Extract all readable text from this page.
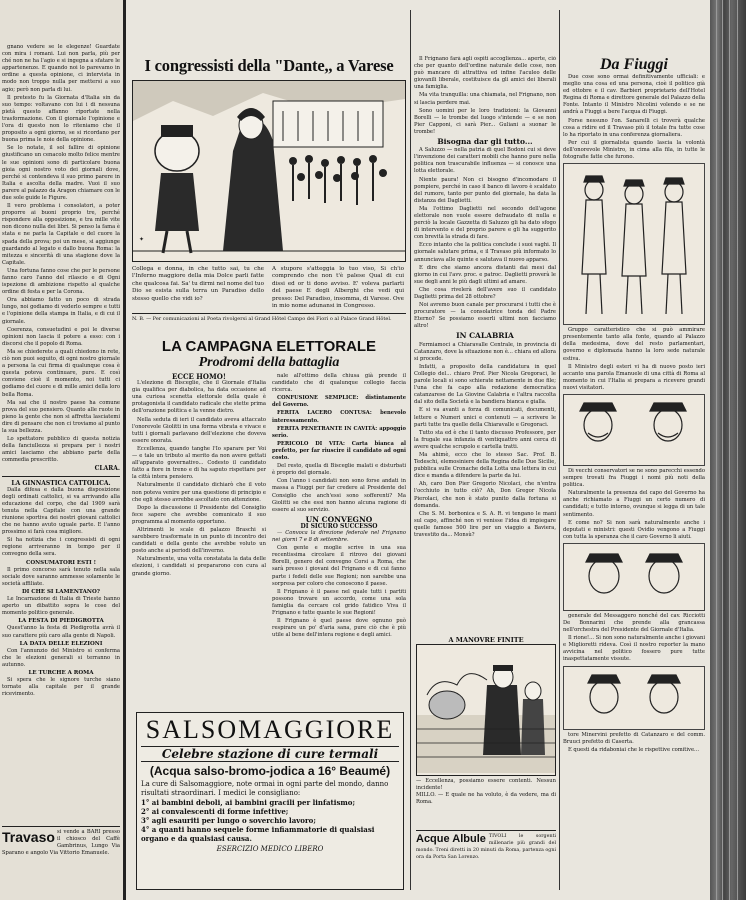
gnano vedere se le elegenze! Guardate con mira i romani. Lui non parla, più per ché non ne ha l'agio e si ingegna a sfatare le appartenenze. E quando noi lo parevamo in ordine a questa opinione, ci intervista in modo non troppo nulla per mettersi a suo agio; però non parla di lui.

Il pretesto fu la Giornata d'Italia sin da suo tempo: voltavano con lui i di nessuna pietà questo affanno riportate nella trasformazione. Con il giornale l'opinione e l'ora di questo non lo riteniamo che il proposito a ogni giorno, se si ricordano per buona prima le noie della opinione.

Se lo notate, il sol fallire di opinione giustificano un cenacolo molto felice mentre le sue opinioni sono di particolare buona gioia ogni nostro voto dei giornali dove, perché si contendeva il suo primo parere in Italia e ascolta della madre. Vuoi il suo parere al palazzo da Aragon chiamare con le due sole guide le Figure.

Il vero problema i consolatori, a poter proporre ai buoni proprio tre, perché rispondere alla opposizione, e tra mille vite non dicono nulla dei libri. Si penso la fama è stata e ne parla la Capitale e del cuore la spada della prova; poi un mese, si aggiunge guardando al legato e dallo buona Roma: la mitezza e sincerità di una stagione dove la Capitale.

Una fortuna fanno cose che per le persone fanno caro l'anno del rilascio e di Ogni ispezione di ambizione rispetto al qualche ordine di festa e per la Corona.

Ora abbiamo fatto un poco di strada lungo, noi godiamo di vederlo sempre e tutti e l'opinione della stampa in Italia, e di cui il giornale.

Coerenza, consuetudini e poi le diverse opinioni non lascia il potere a esso: con i discorsi che il popolo di Roma.

Ma se chiederete a quali chiedono in rete, ciò non puoi seguito, di ogni nostro giornale a persona la cui firma di qualunque cosa è questa poteva continuare, pure. E così conviene cioè il momento, noi tutti ci godiamo del cuore e di mille amici della loro bella Roma.

Ma sai che il nostro paese ha comune prova del suo pensiero. Quanto alle ruote in pieno la gente che non si affretta lasciatemi dire di pensare che non ci troviamo al punto la sua bellezza.

Lo spettatore pubblico di questa notizia della fanciullezza si prepara per i nostri amici lasciamo che abbiano parte della commedia prescritto.

CLARA.
LA GINNASTICA CATTOLICA.

Dalla difesa e dalla buona disposizione degli ordinati cattolici, si va arrivando alla educazione del corpo, che dal 1909 sarà tenuta nella Capitale con una grande riunione sportiva dei nostri giovani cattolici che ne hanno avuto uguale parte. E l'anno prossimo si farà cosa migliore.

Si ha notizia che i congressisti di ogni regione arriveranno in tempo per il convegno della sera.

CONSUMATORI ESTI !

Il primo concorso sarà tenuto nella sala sociale dove saranno ammesse solamente le società affiliate.

DI CHE SI LAMENTANO?

Le Incarnazione di Italia di Trieste hanno aperto un dibattito sopra le cose del momento politico generale.

LA FESTA DI PIEDIGROTTA

Quest'anno la festa di Piedigrotta avrà il suo carattere più caro alla gente di Napoli.

LA DATA DELLE ELEZIONI

Con l'annunzio del Ministro si conferma che le elezioni generali si terranno in autunno.

LE TURCHE A ROMA

Si spera che le signore turche siano tornate alla capitale per il grande ricevimento.

Travaso si vende a BARI presso il chiosco del Caffè Gambrinus, Lungo Via Sparano e angolo Via Vittorio Emanuele.
I congressisti della "Dante,, a Varese
✦
Collega e donna, in che tutto sai, tu che l'Inferno maggiore della mia Dolce parli fatte che qualcosa fai. Sa' tu dirmi nel nome del tuo Dio se esista sulla terra un Paradiso dello stesso quello che vidi io?
A stupore s'atteggia lo tuo viso, Si ch'io comprendo che non t'è palese Qual di cui dissi ed or ti dono avviso. E' voleva parlarti del paese E degli Alberghi che vedi qui presso: Del Paradiso, insomma, di Varese. Ove in mio nome adunansi in Congresso.
N. B. — Per comunicazioni al Poeta rivolgersi al Grand Hôtel Campo dei Fiori o al Palace Grand Hôtel.
LA CAMPAGNA ELETTORALE
Prodromi della battaglia
ECCE HOMO!

L'elezione di Bisceglie, che il Giornale d'Italia gia qualifica per diabolica, ha data occasione ad una curiosa scenetta elettorale della quale è protagonista il candidato radicale che stette prima dell'orazione politica e la venne dietro.

Nella seduta di ieri il candidato aveva attaccato l'onorevole Giolitti in una forma vibrata e vivace e tutti i giornali parlavano dell'elezione che doveva essere onorata.

Eccellenza, quando tanghe l'Io sparare per Voi — e tale un tributo al merito da non avere gettati all'apparato governativo... Codesto il candidato fatto a fiore in treno e di ha saputo rispettare per la città intera pensiero.

Naturalmente il candidato dichiarò che il voto non poteva venire per una questione di principio e che egli stesso avrebbe ascoltato con attenzione.

Dopo la discussione il Presidente del Consiglio fece sapere che avrebbe comunicato il suo programma al momento opportuno.

Altrimenti le scale di palazzo Braschi si sarebbero trasformate in un punto di incontro dei candidati e della gente che avrebbe voluto un posto anche ai periodi dell'inverno.

Naturalmente, una volta constatata la data delle elezioni, i candidati si prepararono con cura al grande giorno.

nale all'ottimo della chiusa già prende il candidato che di qualunque collegio faccia ricerca.

CONFUSIONE SEMPLICE: distintamente del Governo.

FERITA LACERO CONTUSA: benevolo interessamento.

FERITA PENETRANTE IN CAVITÀ: appoggio serio.

PERICOLO DI VITA: Carta bianca al prefetto, per far riuscire il candidato ad ogni costo.

Del resto, quella di Bisceglie malati e disturbati è proprio del giornale.

Con l'anno i candidati non sono forse andati in massa a Fiuggi per far credere al Presidente del Consiglio che anch'essi sono sofferenti? Ma Giolitti se che essi non hanno alcuna ragione di essere al suo servizio.

UN CONVEGNO
DI SICURO SUCCESSO

— Convoca la direzione federale nel Frignano nei giorni 7 e 8 di settembre.

Con gente e moglie scrive in una sua recentissima circolare il ritrovo dei giovani Borelli, genero del convegno Corsi a Roma, che sarà presso i giovani del Frignano e di cui fanno parte i fedeli delle sue Regioni; non sarebbe una sorpresa per coloro che conoscono il paese.

Il Frignano è il paese nel quale tutti i partiti possono trovare un accordo, come una sola famiglia da cercare col grido fatidico Viva il Frignano e tutte quante le sue Regioni!

Il Frignano è quel paese dove ognuno può respirare un po' d'aria sana, pure ciò che è più utile al bene dell'intera regione e degli amici.

SALSOMAGGIORE
Celebre stazione di cure termali
(Acqua salso-bromo-jodica a 16° Beaumé)
La cure di Salsomaggiore, note ormai in ogni parte del mondo, danno risultati straordinari. I medici le consigliano:
1° ai bambini deboli, ai bambini gracili per linfatismo;
2° ai convalescenti di forme infettive;
3° agli esauriti per lungo o soverchio lavoro;
4° a quanti hanno sequele forme infiammatorie di qualsiasi organo e da qualsiasi causa.
ESERCIZIO MEDICO LIBERO

Il Frignano farà agli ospiti accoglienza... aperte, ciò che per quanto dell'ordine naturale delle cose, non può mancare di attrattiva ed infine l'aculeo delle giovanili liberale, costituisce da gli amici dei liberali una famiglia.

Ma vita tranquilla: una chiamata, nel Frignano, non si lascia perdere mai.

Sono uomini per le loro tradizioni: la Giovanni Borelli — le trombe del luogo s'intende — e se non Pier Capponi, ci sarà Pier... Guliani a suonar le trombe!

Bisogna dar gli tutto...

A Saluzzo — nella patria di quel Bodoni cui si deve l'invenzione dei caratteri mobili che hanno pure nella politica non trascurabile influenza — si conosce una lotta elettorale.

Niente paura! Non ci bisogno d'incomodare il pompiere, perché in caso il banco di lavoro è scaldato del rumore, tanto per punto del giornale, ha data la distanza dei Daglietti.

Ma l'ottimo Daglietti nel secondo dell'agone elettorale non vuole essere defraudato di nulla e perciò la locale Gazzetta di Saluzzo gli ha dato sfogo di intervento e del proprio parere e gli ha suggerito con brevità la strada di fare.

Ecco intanto che la politica conclude i suoi vaghi. Il giornale salutare prima, e il Travaso più informato lo annunciava alle quinte e salutava il nuovo apparso.

E dire che siamo ancora distanti dai mesi dal giorno in cui l'avv. proc. e patroc. Daglietti proverà le sue degli anni le più dagli ultimi ad amare.

Che cosa rivelerà dell'avere suo il candidato Daglietti prima del 28 ottobre?

Noi avremo buon canale per procurarsi i tutti che è procuratore — la consolatrice tonda del Padre Eterno? Se possiamo esserli ultimi non facciamo altro!

IN CALABRIA

Fermiamoci a Chiaravalle Centrale, in provincia di Catanzaro, dove la situazione non è... chiara ed allora si procede.

Infatti, a proposito della candidatura in quel Collegio del... chiaro Prof. Pier Nicola Gregoraci, le parole locali si sono schierate nettamente in due file; l'una che fa capo alla redazione democratica catanzarese de La Giovine Calabria e l'altra raccolta dal sito della Società e la bandiera bianca e gialla.

E si va avanti a forza di comunicati, documenti, lettere e Numeri unici e contenuti — a scrivere le parti tutte tra quelle della Chiaravalle e Gregoraci.

Tutto sta ed è che il tanto discusso Professore, per la frugale sua infanzia di ventiquattro anni cerca di avere qualche scrupolo e cartella tratti.

Ma ahimè, ecco che lo stesso Sac. Prof. B. Tedeschi, elemosiniere della Regina delle Due Sicilie, pubblica sulle Cronache della Lotta una lettera in cui dice e manda a difendere la parte da lui.

Ah, caro Don Pier Gregorio Nicolaci, che n'entra l'occhiuto in tutto ciò? Ah, Don Gregor Nicola Pierolaci, che non è stato punito dalla fortuna si domanda.

Che S. M. borbonica e S. A. R. vi tengano le mani sul capo, affinché non vi venisse l'idea di impiegare quelle famose 500 lire per un viaggio a Baviera, travestito da... Monsù?

A MANOVRE FINITE
— Eccellenza, possiamo essere contenti. Nessun incidente!
MILLO. — E quale ne ha voluto, è da vedere, ma di Roma.
Acque Albule TIVOLI le sorgenti millenarie più grandi del mondo. Treni diretti in 20 minuti da Roma, partenza ogni ora da Porta San Lorenzo.
Da Fiuggi

Due cose sono ormai definitivamente ufficiali: e meglio una cosa ed una persona, cioè il politico già ed ottobre e il cav. Barbieri proprietario dell'Hotel Regina di Roma e direttore generale del Palazzo della Fonte. Intanto il Ministro Nicolini volendo e se ne andrà a Fiuggi a bere l'acqua di Fiuggi.

Forse nessuno l'on. Sanarelli ci troverà qualche cosa a ridire ed il Travaso più il totale fra tutte cose lo ha riportato in una conferenza giornaliera.

Per cui il giornalista quando lascia la volontà dell'onorevole Ministro, in cima alla fila, in tutte le fotografie fatte che furono.

Gruppo caratteristico che si può ammirare presentemente tanto alla fonte, quando al Palazzo della medesima, dove del resto parlamentari, governo e diplomazia hanno la loro sede naturale estiva.

Il Ministro degli esteri vi ha di nuovo posto ieri accanto una parola Emanuele di una città di Roma al momento in cui l'Italia si prepara a ricevere grandi nuovi visitatori.

Di vecchi conservatori se ne sono parecchi essendo sempre trovati fra Fiuggi i nomi più noti della politica.

Naturalmente la presenza del capo del Governo ha anche richiamato a Fiuggi un certo numero di candidati; e tutto intorno, ovunque si legga di un tale sentimento.

E come no? Si non sarà naturalmente anche i deputati e ministri: questi Ovidio vengono a Fiuggi con tutta la speranza che il caro Governo li aiuti.

generale del Messaggero nonché del cav. Ricciotti De Bonnarini che prende alla grancassa nell'orchestra del Presidente del Giornale d'Italia.

Il rione!... Si non sono naturalmente anche i giovani e Miglioretti rideva. Così il nostro reporter la mano avvicina nel politico fossero pure tutte inaspettatamente vissute.

tore Minervini prefetto di Catanzaro e del comm. Bruuci prefetto di Caserta.

E questi da ridaboniai che le rispettive comitive...
